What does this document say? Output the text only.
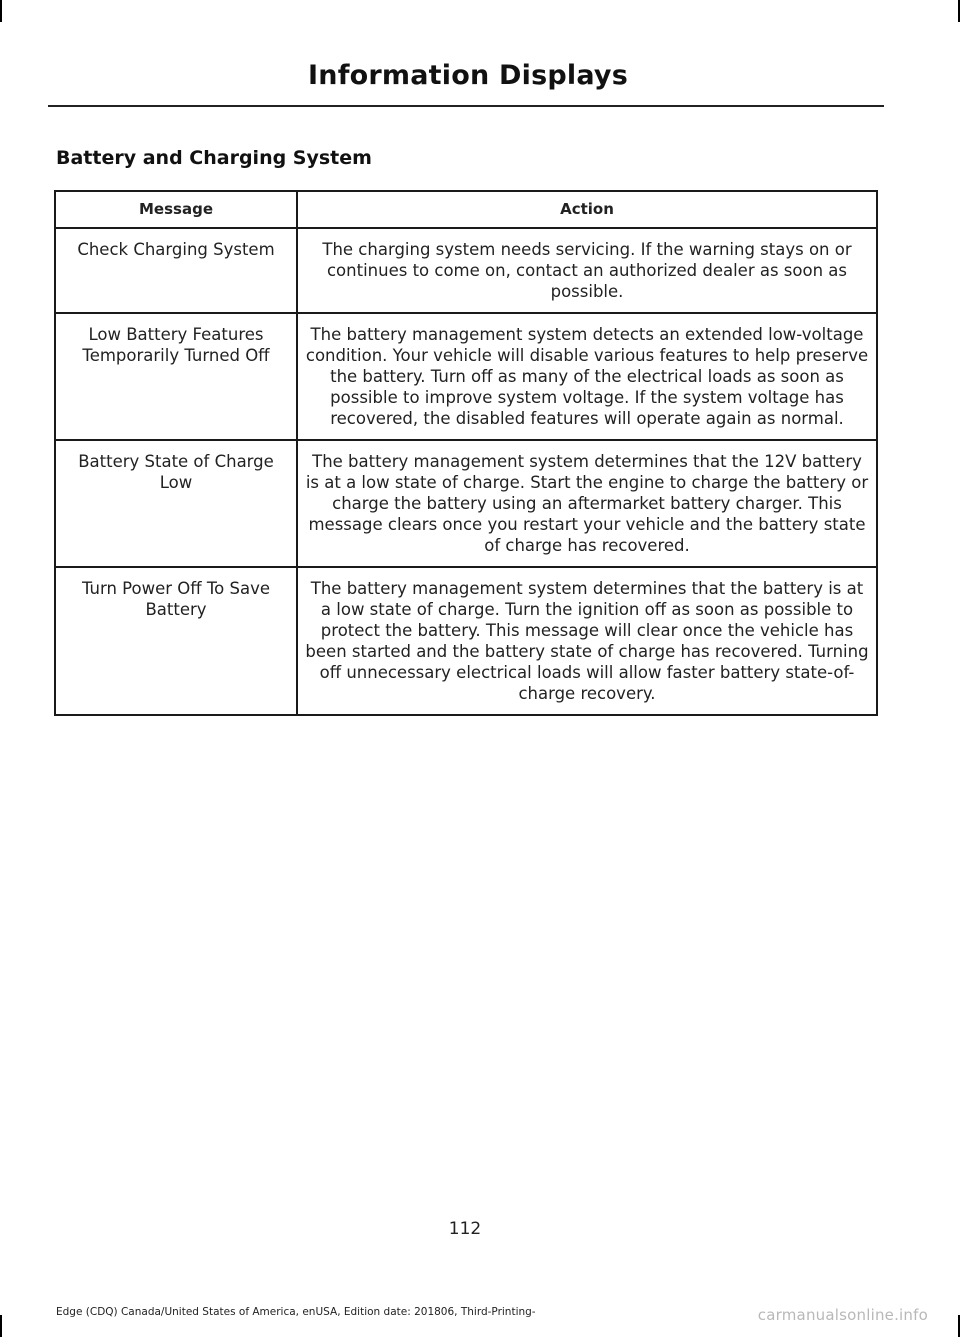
Information Displays
Battery and Charging System
Message	Action
Check Charging System	The charging system needs servicing. If the warning stays on or continues to come on, contact an authorized dealer as soon as possible.
Low Battery Features Temporarily Turned Off	The battery management system detects an extended low-voltage condition. Your vehicle will disable various features to help preserve the battery. Turn off as many of the electrical loads as soon as possible to improve system voltage. If the system voltage has recovered, the disabled features will operate again as normal.
Battery State of Charge Low	The battery management system determines that the 12V battery is at a low state of charge. Start the engine to charge the battery or charge the battery using an aftermarket battery charger. This message clears once you restart your vehicle and the battery state of charge has recovered.
Turn Power Off To Save Battery	The battery management system determines that the battery is at a low state of charge. Turn the ignition off as soon as possible to protect the battery. This message will clear once the vehicle has been started and the battery state of charge has recovered. Turning off unnecessary electrical loads will allow faster battery state-of-charge recovery.
112
Edge (CDQ) Canada/United States of America, enUSA, Edition date: 201806, Third-Printing-	carmanualsonline.info
